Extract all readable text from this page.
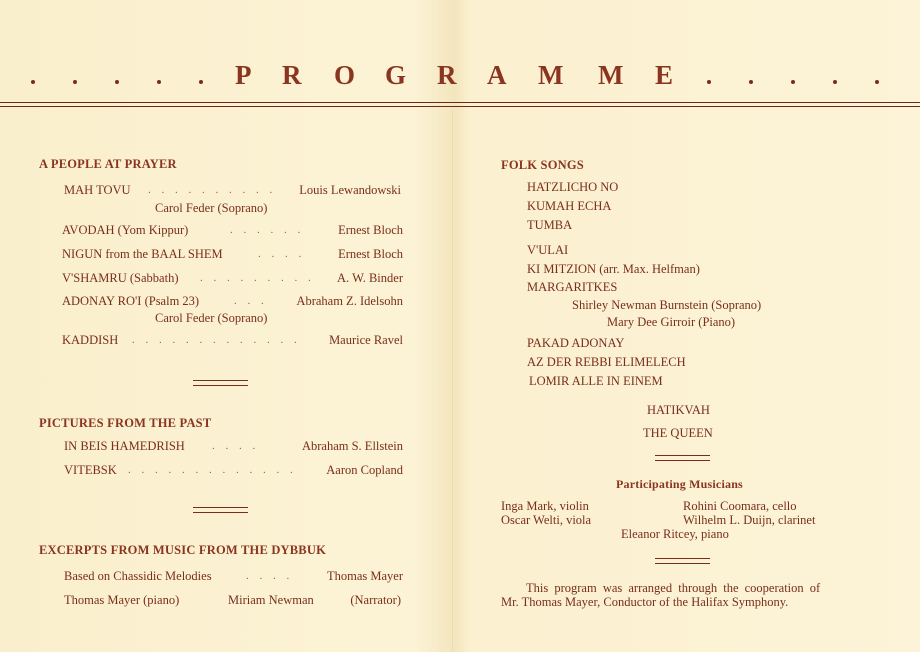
P R O G R A M M E
A PEOPLE AT PRAYER
MAH TOVU . . . . . . . . . . Louis Lewandowski
Carol Feder (Soprano)
AVODAH (Yom Kippur)	. . . . . .	Ernest Bloch
NIGUN from the BAAL SHEM	. . . .	Ernest Bloch
V'SHAMRU (Sabbath) . . . . . . . . . A. W. Binder
ADONAY RO'I (Psalm 23)	. . . Abraham Z. Idelsohn
Carol Feder (Soprano)
KADDISH . . . . . . . . . . . . . Maurice Ravel
PICTURES FROM THE PAST
IN BEIS HAMEDRISH . . . .	Abraham S. Ellstein
VITEBSK . . . . . . . . . . . . . Aaron Copland
EXCERPTS FROM MUSIC FROM THE DYBBUK
Based on Chassidic Melodies	. . . .	Thomas Mayer
Thomas Mayer (piano)	Miriam Newman	(Narrator)
FOLK SONGS
HATZLICHO NO
KUMAH ECHA
TUMBA
V'ULAI
KI MITZION (arr. Max. Helfman)
MARGARITKES
Shirley Newman Burnstein (Soprano)
Mary Dee Girroir (Piano)
PAKAD ADONAY
AZ DER REBBI ELIMELECH
LOMIR ALLE IN EINEM
HATIKVAH
THE QUEEN
Participating Musicians
Inga Mark, violin	Rohini Coomara, cello
Oscar Welti, viola	Wilhelm L. Duijn, clarinet
Eleanor Ritcey, piano
This program was arranged through the cooperation of
Mr. Thomas Mayer, Conductor of the Halifax Symphony.
